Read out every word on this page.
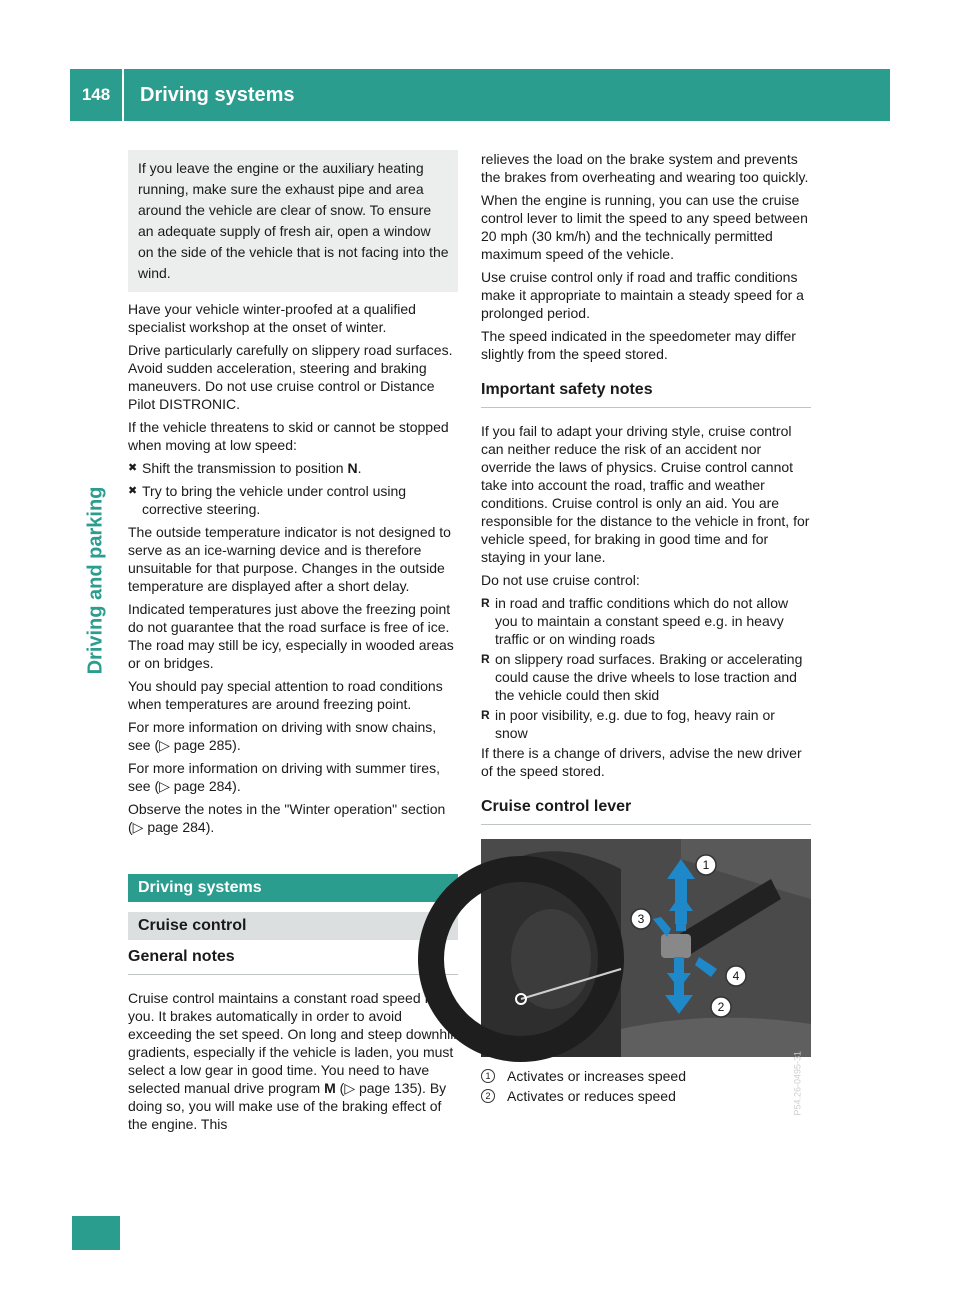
148	Driving systems
Driving and parking
If you leave the engine or the auxiliary heating running, make sure the exhaust pipe and area around the vehicle are clear of snow. To ensure an adequate supply of fresh air, open a window on the side of the vehicle that is not facing into the wind.

Have your vehicle winter-proofed at a qualified specialist workshop at the onset of winter.

Drive particularly carefully on slippery road surfaces. Avoid sudden acceleration, steering and braking maneuvers. Do not use cruise control or Distance Pilot DISTRONIC.

If the vehicle threatens to skid or cannot be stopped when moving at low speed:

✖ Shift the transmission to position N.
✖ Try to bring the vehicle under control using corrective steering.

The outside temperature indicator is not designed to serve as an ice-warning device and is therefore unsuitable for that purpose. Changes in the outside temperature are displayed after a short delay.

Indicated temperatures just above the freezing point do not guarantee that the road surface is free of ice. The road may still be icy, especially in wooded areas or on bridges.

You should pay special attention to road conditions when temperatures are around freezing point.

For more information on driving with snow chains, see (▷ page 285).

For more information on driving with summer tires, see (▷ page 284).

Observe the notes in the "Winter operation" section (▷ page 284).

Driving systems
Cruise control
General notes

Cruise control maintains a constant road speed for you. It brakes automatically in order to avoid exceeding the set speed. On long and steep downhill gradients, especially if the vehicle is laden, you must select a low gear in good time. You need to have selected manual drive program M (▷ page 135). By doing so, you will make use of the braking effect of the engine. This

relieves the load on the brake system and prevents the brakes from overheating and wearing too quickly.

When the engine is running, you can use the cruise control lever to limit the speed to any speed between 20 mph (30 km/h) and the technically permitted maximum speed of the vehicle.

Use cruise control only if road and traffic conditions make it appropriate to maintain a steady speed for a prolonged period.

The speed indicated in the speedometer may differ slightly from the speed stored.

Important safety notes

If you fail to adapt your driving style, cruise control can neither reduce the risk of an accident nor override the laws of physics. Cruise control cannot take into account the road, traffic and weather conditions. Cruise control is only an aid. You are responsible for the distance to the vehicle in front, for vehicle speed, for braking in good time and for staying in your lane.

Do not use cruise control:

R in road and traffic conditions which do not allow you to maintain a constant speed e.g. in heavy traffic or on winding roads
R on slippery road surfaces. Braking or accelerating could cause the drive wheels to lose traction and the vehicle could then skid
R in poor visibility, e.g. due to fog, heavy rain or snow

If there is a change of drivers, advise the new driver of the speed stored.

Cruise control lever
1
2
3
4
P54.26-0495-31
1	Activates or increases speed
2	Activates or reduces speed
